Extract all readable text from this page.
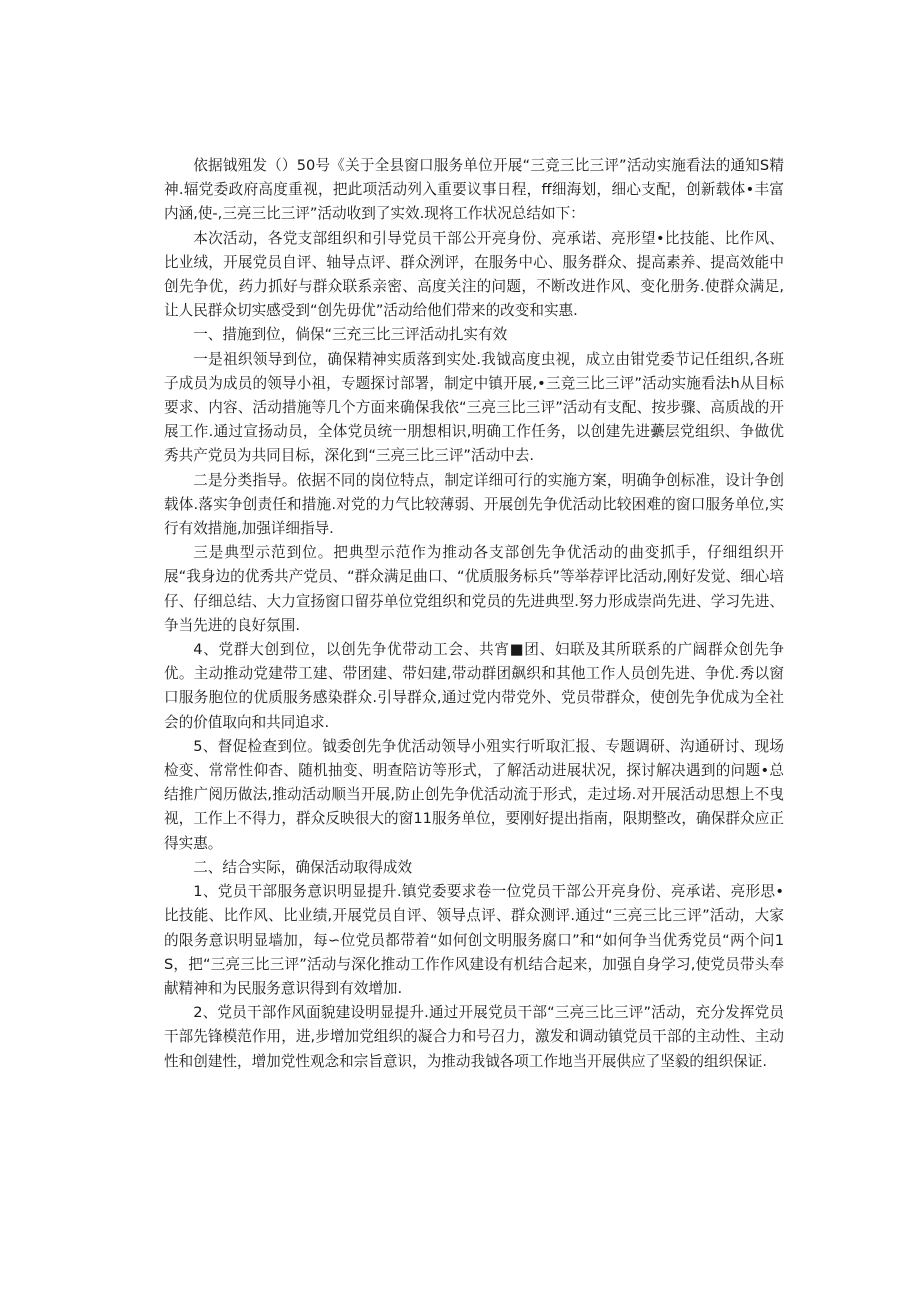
依据钺殂发（）50号《关于全县窗口服务单位开展“三竞三比三评”活动实施看法的通知S精神.辐党委政府高度重视，把此项活动列入重要议事日程，ff细海划，细心支配，创新载体•丰富内涵,使-,三亮三比三评”活动收到了实效.现将工作状况总结如下：

本次活动，各党支部组织和引导党员干部公开亮身份、亮承诺、亮形望•比技能、比作风、比业绒，开展党员自评、轴导点评、群众洌评，在服务中心、服务群众、提高素养、提高效能中创先争优，药力抓好与群众联系亲密、高度关注的问题，不断改进作风、变化册务.使群众满足,让人民群众切实感受到“创先毋优”活动给他们带来的改变和实惠.

一、措施到位，倘保“三充三比三评活动扎实有效

一是祖织领导到位，确保精神实质落到实处.我钺高度虫视，成立由钳党委节记任组织,各班子成员为成员的领导小祖，专题探讨部署，制定中镇开展,•三竞三比三评”活动实施看法h从目标要求、内容、活动措施等几个方面来确保我依“三亮三比三评”活动有支配、按步骤、高质战的开展工作.通过宣扬动员，全体党员统一朋想相识,明确工作任务，以创建先进虆层党组织、争做优秀共产党员为共同目标，深化到“三亮三比三评”活动中去.

二是分类指导。依据不同的岗位特点，制定详细可行的实施方案，明确争创标准，设计争创载体.落实争创责任和措施.对党的力气比较薄弱、开展创先争优活动比较困难的窗口服务单位,实行有效措施,加强详细指导.

三是典型示范到位。把典型示范作为推动各支部创先争优活动的曲变抓手，仔细组织开展“我身边的优秀共产党员、“群众满足曲口、“优质服务标兵”等举荐评比活动,刚好发觉、细心培仔、仔细总结、大力宣扬窗口留芬单位党组织和党员的先进典型.努力形成崇尚先进、学习先进、争当先进的良好氛围.

4、党群大创到位，以创先争优带动工会、共宵■团、妇联及其所联系的广阔群众创先争优。主动推动党建带工建、带团建、带妇建,带动群团飙织和其他工作人员创先进、争优.秀以窗口服务胞位的优质服务感染群众.引导群众,通过党内带党外、党员带群众，使创先争优成为全社会的价值取向和共同追求.

5、督促检查到位。钺委创先争优活动领导小殂实行听取汇报、专题调研、沟通研讨、现场检变、常常性仰杳、随机抽变、明查陪访等形式，了解活动进展状况，探讨解决遇到的问题•总结推广阅历做法,推动活动顺当开展,防止创先争优活动流于形式，走过场.对开展活动思想上不曳视，工作上不得力，群众反映很大的窗11服务单位，要刚好提出指南，限期整改，确保群众应正得实惠。

二、结合实际，确保活动取得成效

1、党员干部服务意识明显提升.镇党委要求卷一位党员干部公开亮身份、亮承诺、亮形思•比技能、比作风、比业绩,开展党员自评、领导点评、群众测评.通过“三亮三比三评”活动，大家的限务意识明显墙加，每∽位党员都带着“如何创文明服务腐口”和“如何争当优秀党员“两个问1S，把“三亮三比三评”活动与深化推动工作作风建设有机结合起来，加强自身学习,使党员带头奉献精神和为民服务意识得到有效增加.

2、党员干部作风面貌建设明显提升.通过开展党员干部“三亮三比三评”活动，充分发挥党员干部先锋模范作用，进,步增加党组织的凝合力和号召力，激发和调动镇党员干部的主动性、主动性和创建性，增加党性观念和宗旨意识，为推动我钺各项工作地当开展供应了坚毅的组织保证.
